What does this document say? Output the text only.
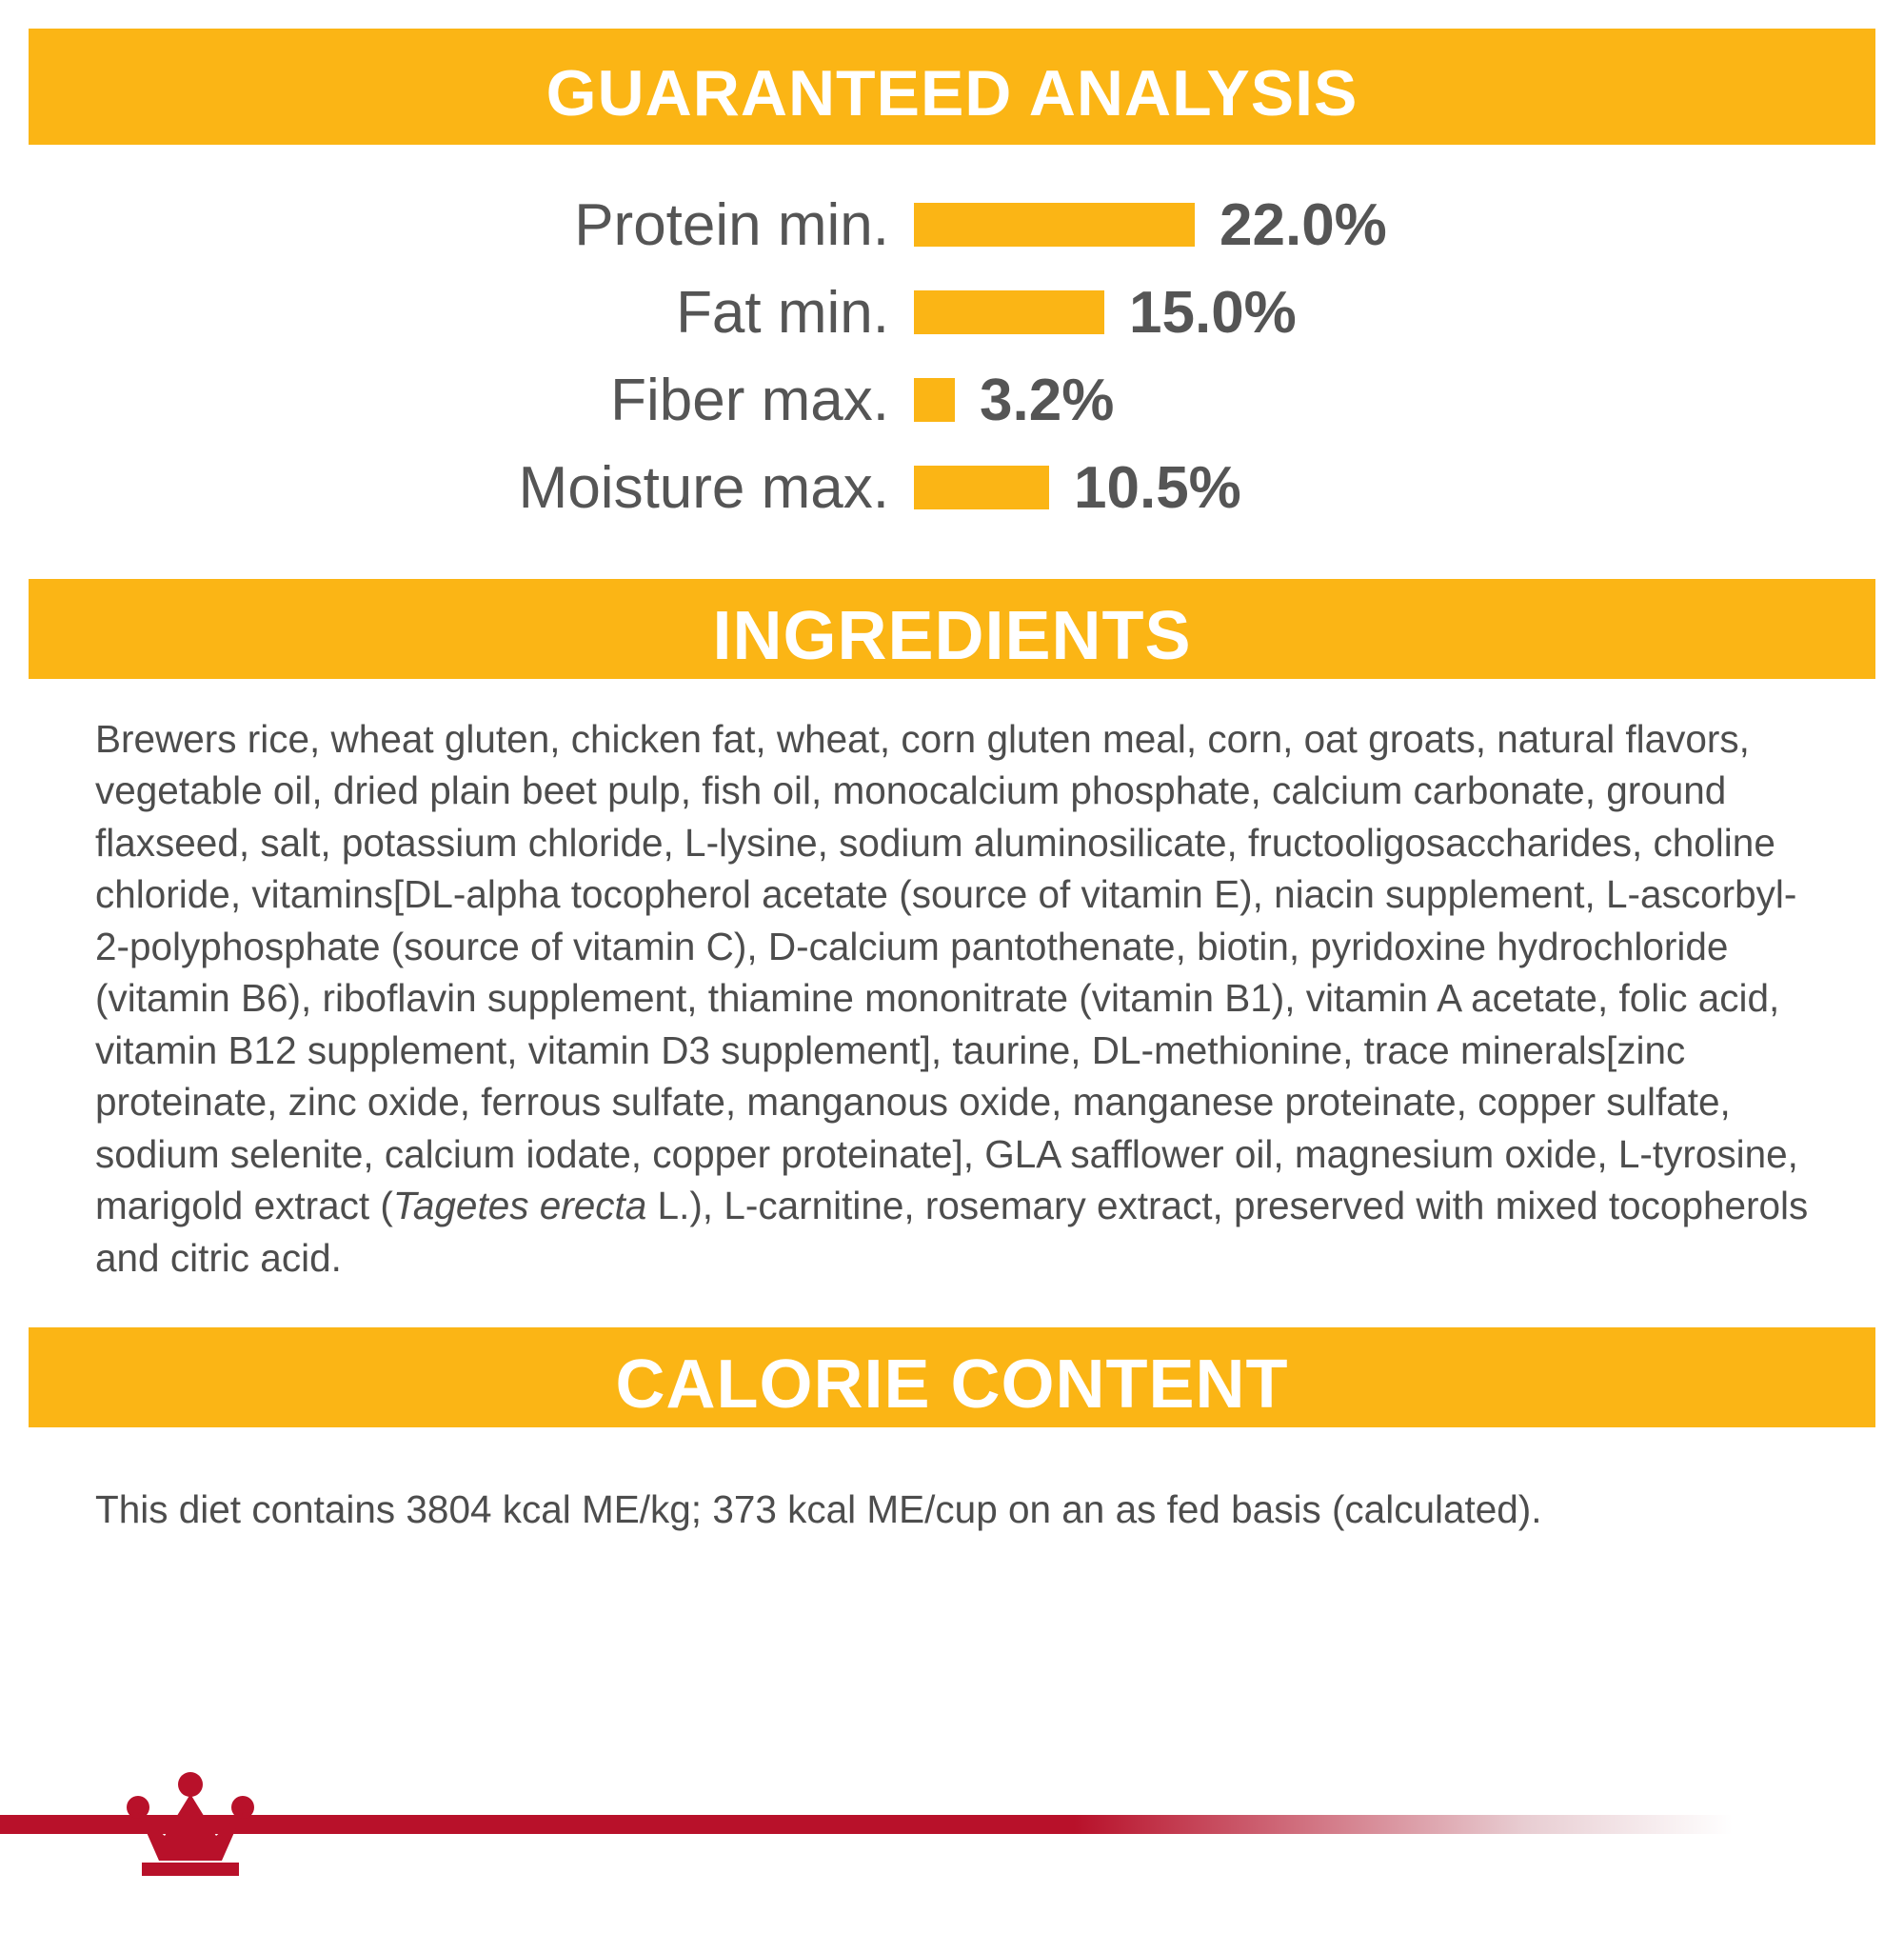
GUARANTEED ANALYSIS
Protein min.	22.0%
Fat min.	15.0%
Fiber max.	3.2%
Moisture max.	10.5%
INGREDIENTS
Brewers rice, wheat gluten, chicken fat, wheat, corn gluten meal, corn, oat groats, natural flavors, vegetable oil, dried plain beet pulp, fish oil, monocalcium phosphate, calcium carbonate, ground flaxseed, salt, potassium chloride, L-lysine, sodium aluminosilicate, fructooligosaccharides, choline chloride, vitamins[DL-alpha tocopherol acetate (source of vitamin E), niacin supplement, L-ascorbyl-2-polyphosphate (source of vitamin C), D-calcium pantothenate, biotin, pyridoxine hydrochloride (vitamin B6), riboflavin supplement, thiamine mononitrate (vitamin B1), vitamin A acetate, folic acid, vitamin B12 supplement, vitamin D3 supplement], taurine, DL-methionine, trace minerals[zinc proteinate, zinc oxide, ferrous sulfate, manganous oxide, manganese proteinate, copper sulfate, sodium selenite, calcium iodate, copper proteinate], GLA safflower oil, magnesium oxide, L-tyrosine, marigold extract (Tagetes erecta L.), L-carnitine, rosemary extract, preserved with mixed tocopherols and citric acid.
CALORIE CONTENT
This diet contains 3804 kcal ME/kg; 373 kcal ME/cup on an as fed basis (calculated).
